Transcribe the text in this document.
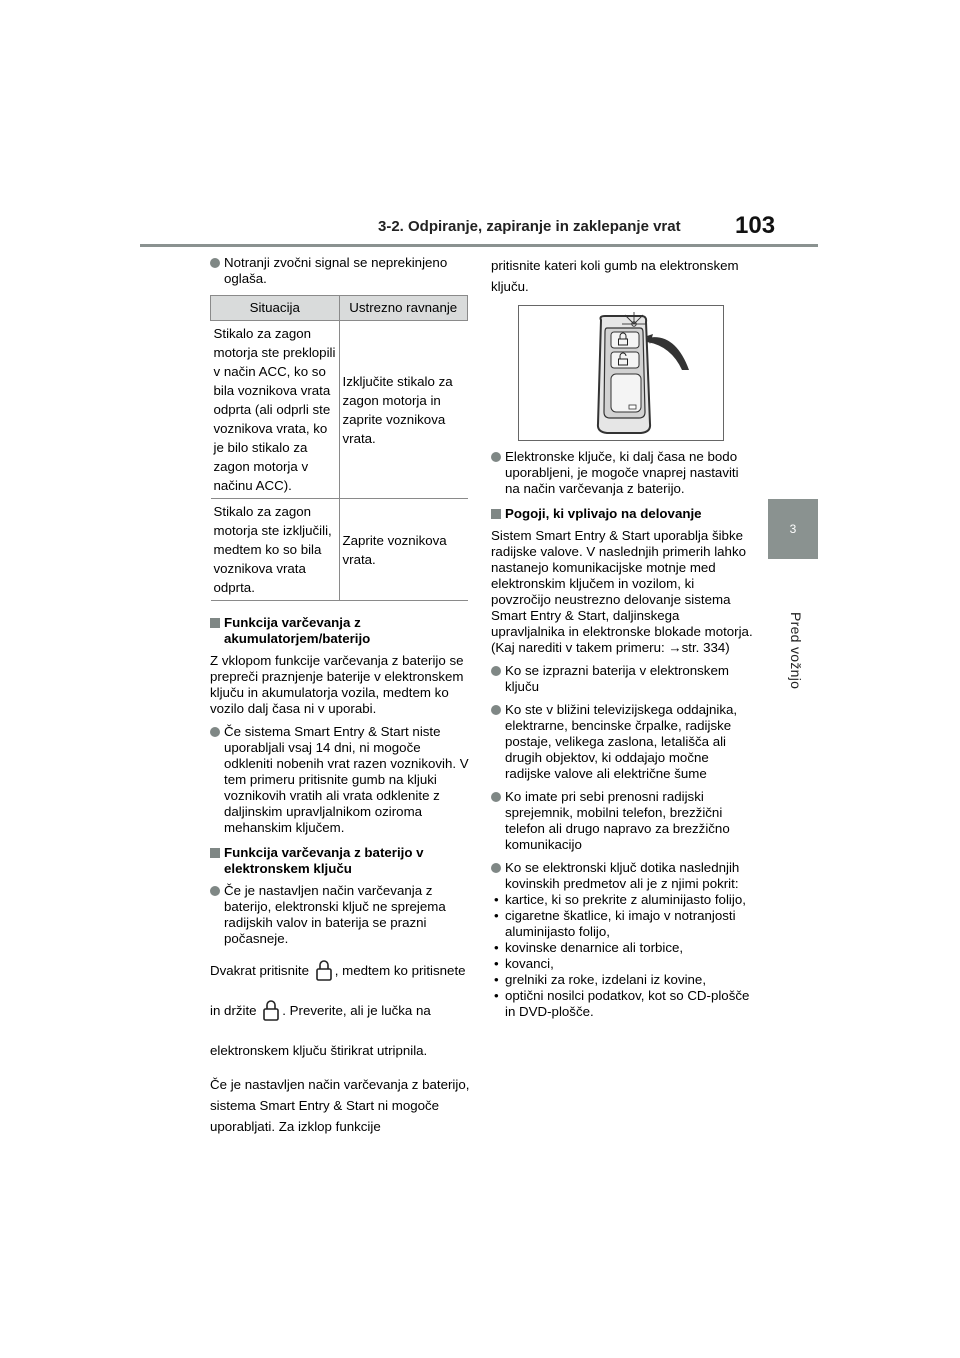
3-2. Odpiranje, zapiranje in zaklepanje vrat 103
3
Pred vožnjo
Notranji zvočni signal se neprekinjeno oglaša.
Situacija	Ustrezno ravnanje
Stikalo za zagon motorja ste preklopili v način ACC, ko so bila voznikova vrata odprta (ali odprli ste voznikova vrata, ko je bilo stikalo za zagon motorja v načinu ACC).	Izključite stikalo za zagon motorja in zaprite voznikova vrata.
Stikalo za zagon motorja ste izključili, medtem ko so bila voznikova vrata odprta.	Zaprite voznikova vrata.
Funkcija varčevanja z akumulatorjem/baterijo
Z vklopom funkcije varčevanja z baterijo se prepreči praznjenje baterije v elektronskem ključu in akumulatorja vozila, medtem ko vozilo dalj časa ni v uporabi.
Če sistema Smart Entry & Start niste uporabljali vsaj 14 dni, ni mogoče odkleniti nobenih vrat razen voznikovih. V tem primeru pritisnite gumb na kljuki voznikovih vratih ali vrata odklenite z daljinskim upravljalnikom oziroma mehanskim ključem.
Funkcija varčevanja z baterijo v elektronskem ključu
Če je nastavljen način varčevanja z baterijo, elektronski ključ ne sprejema radijskih valov in baterija se prazni počasneje.
Dvakrat pritisnite , medtem ko pritisnete in držite . Preverite, ali je lučka na elektronskem ključu štirikrat utripnila.
Če je nastavljen način varčevanja z baterijo, sistema Smart Entry & Start ni mogoče uporabljati. Za izklop funkcije
pritisnite kateri koli gumb na elektronskem ključu.
Elektronske ključe, ki dalj časa ne bodo uporabljeni, je mogoče vnaprej nastaviti na način varčevanja z baterijo.
Pogoji, ki vplivajo na delovanje
Sistem Smart Entry & Start uporablja šibke radijske valove. V naslednjih primerih lahko nastanejo komunikacijske motnje med elektronskim ključem in vozilom, ki povzročijo neustrezno delovanje sistema Smart Entry & Start, daljinskega upravljalnika in elektronske blokade motorja. (Kaj narediti v takem primeru: →str. 334)
Ko se izprazni baterija v elektronskem ključu
Ko ste v bližini televizijskega oddajnika, elektrarne, bencinske črpalke, radijske postaje, velikega zaslona, letališča ali drugih objektov, ki oddajajo močne radijske valove ali električne šume
Ko imate pri sebi prenosni radijski sprejemnik, mobilni telefon, brezžični telefon ali drugo napravo za brezžično komunikacijo
Ko se elektronski ključ dotika naslednjih kovinskih predmetov ali je z njimi pokrit:
• kartice, ki so prekrite z aluminijasto folijo,
• cigaretne škatlice, ki imajo v notranjosti aluminijasto folijo,
• kovinske denarnice ali torbice,
• kovanci,
• grelniki za roke, izdelani iz kovine,
• optični nosilci podatkov, kot so CD-plošče in DVD-plošče.
